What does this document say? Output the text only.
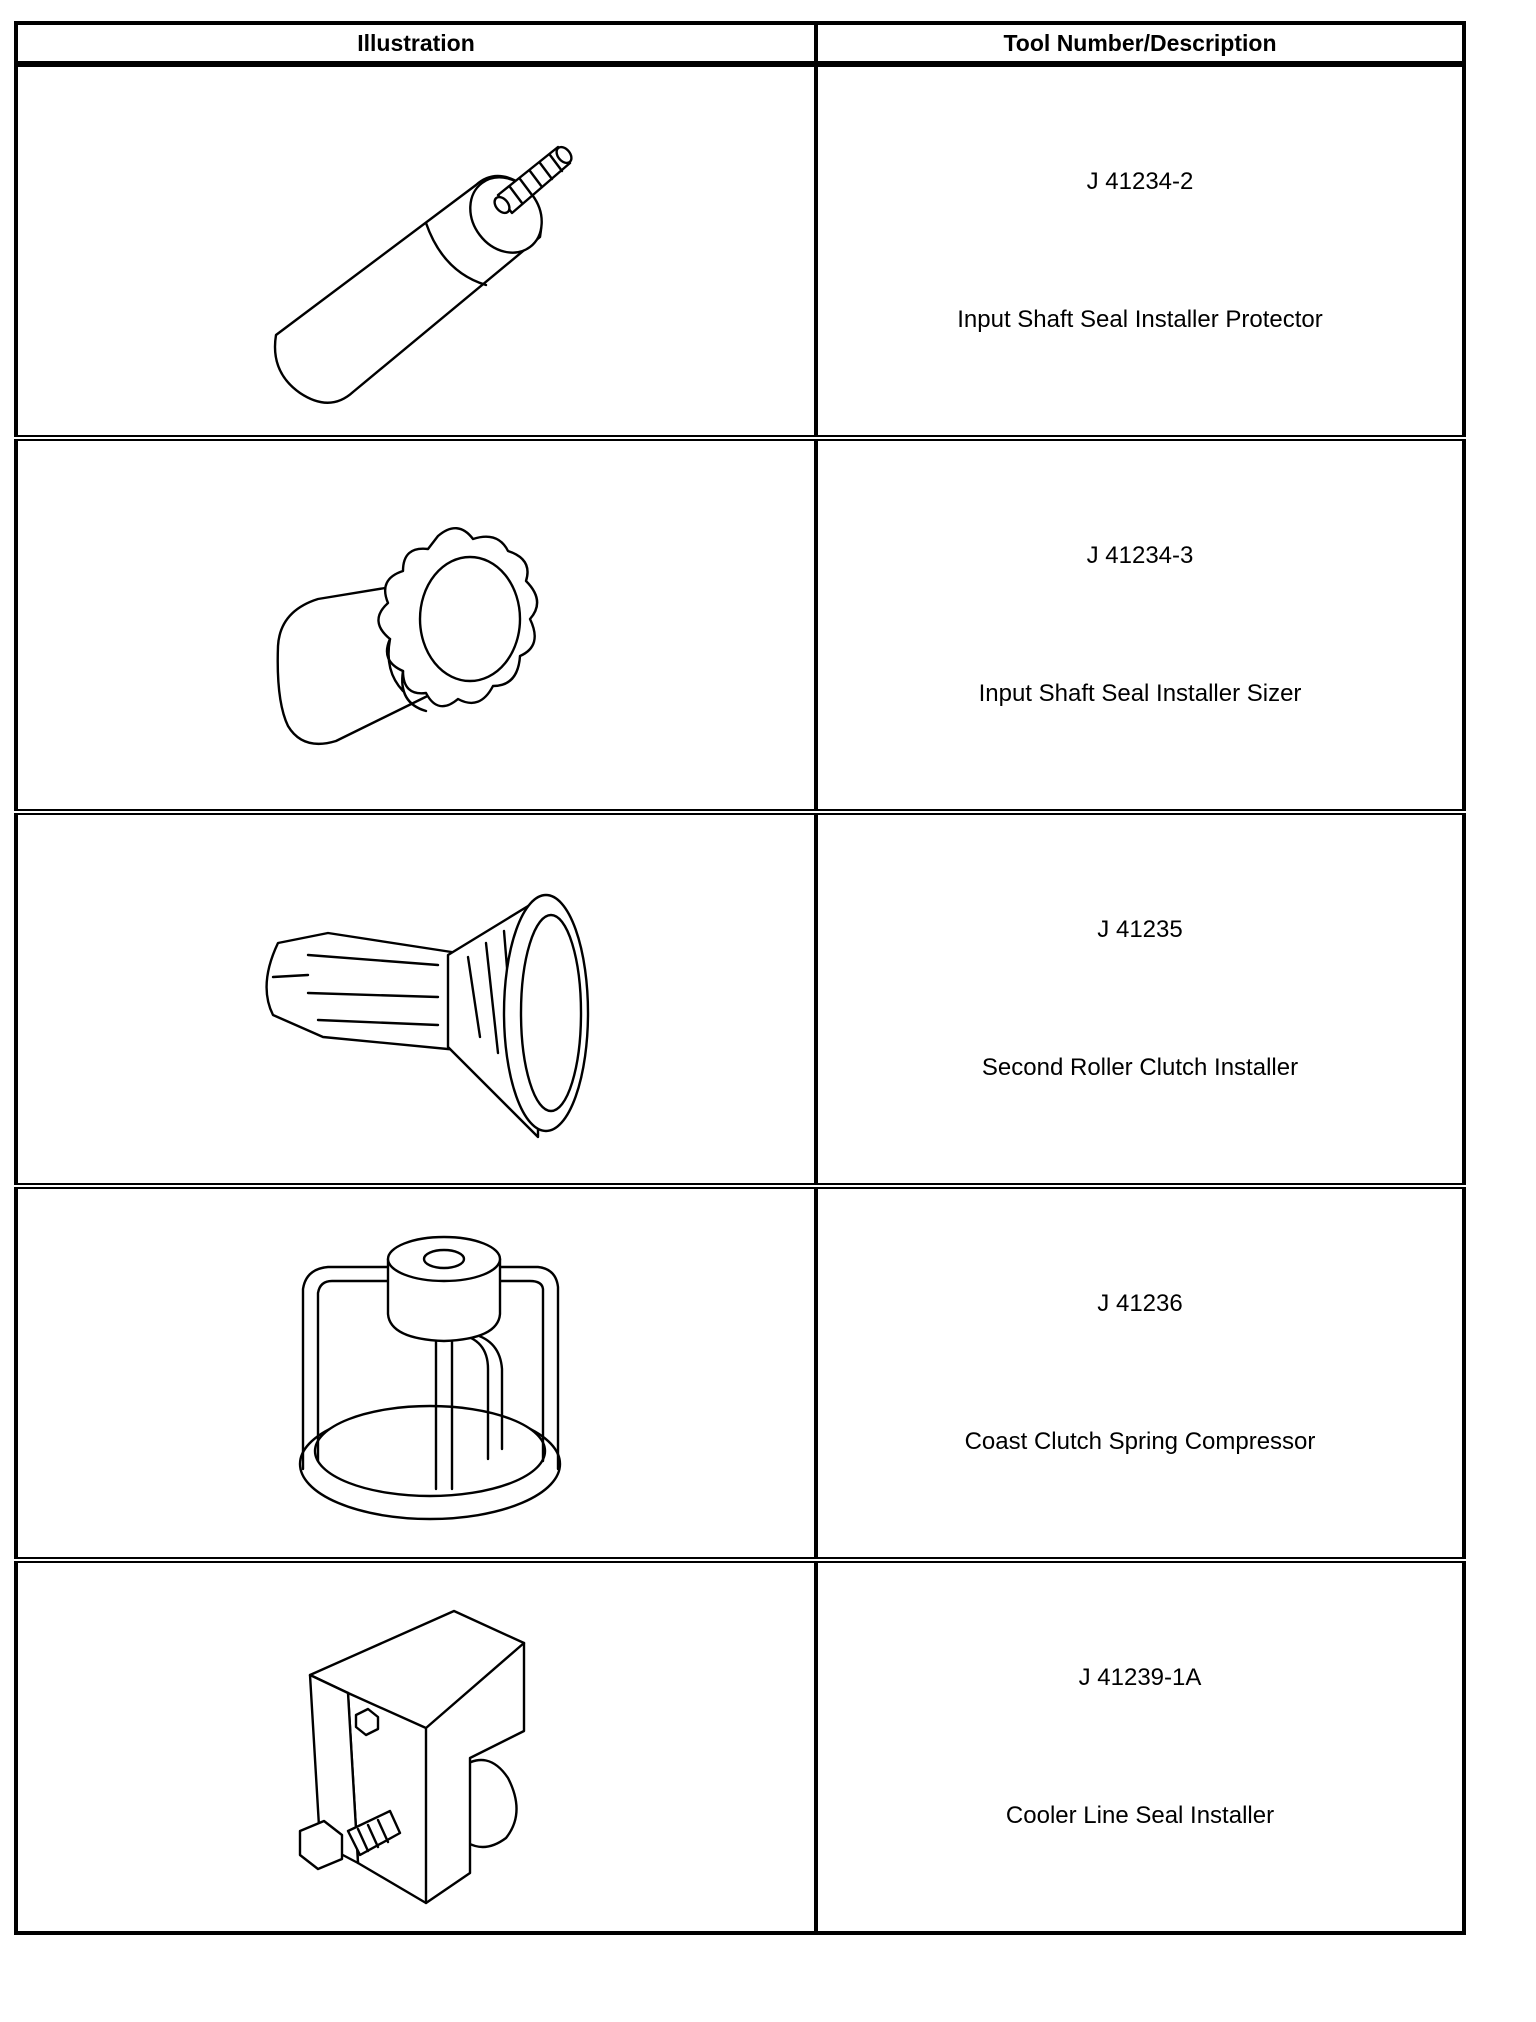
Illustration	Tool Number/Description

J 41234-2
Input Shaft Seal Installer Protector

J 41234-3
Input Shaft Seal Installer Sizer

J 41235
Second Roller Clutch Installer

J 41236
Coast Clutch Spring Compressor

J 41239-1A
Cooler Line Seal Installer
